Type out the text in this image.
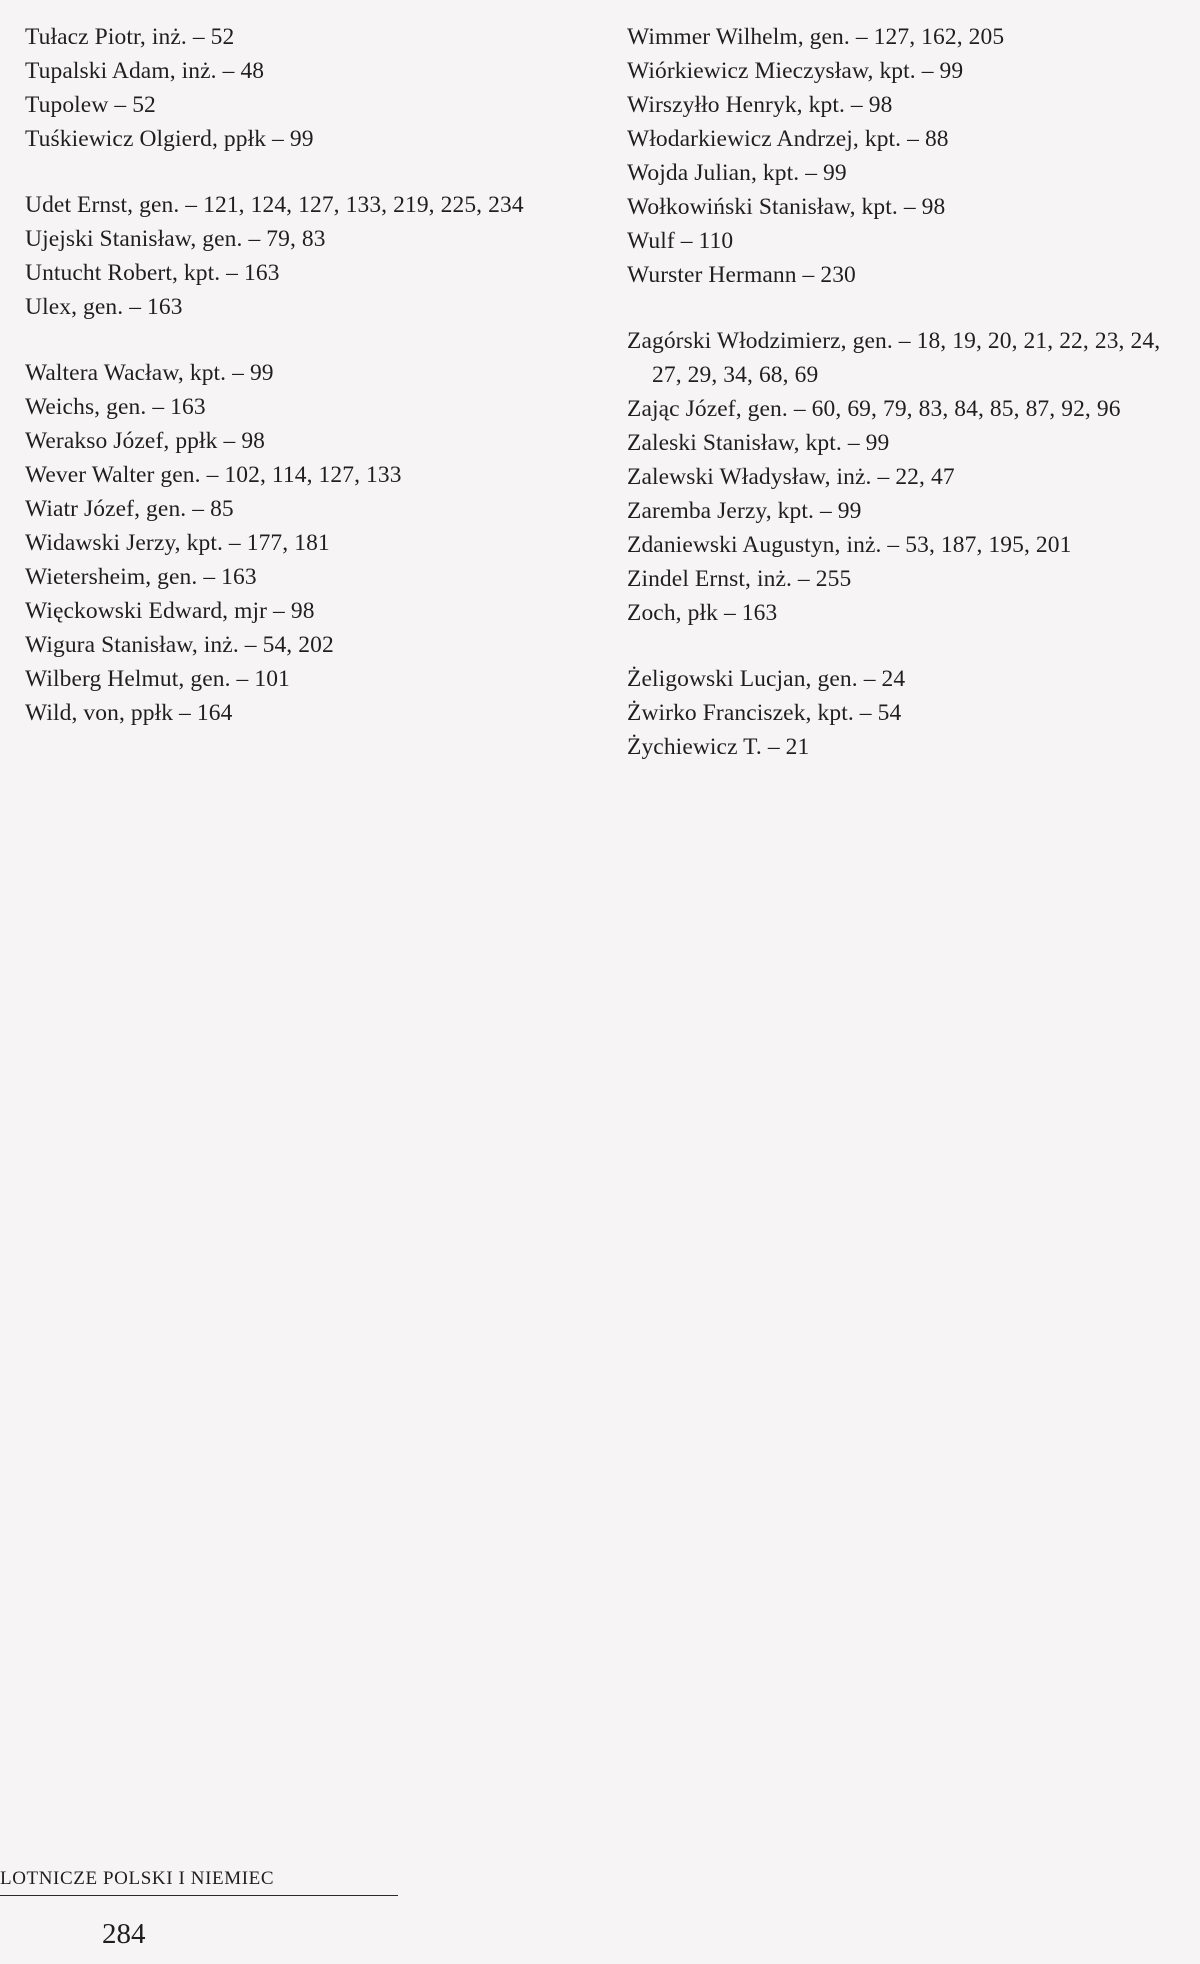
Tułacz Piotr, inż. – 52
Tupalski Adam, inż. – 48
Tupolew – 52
Tuśkiewicz Olgierd, ppłk – 99
Udet Ernst, gen. – 121, 124, 127, 133, 219, 225, 234
Ujejski Stanisław, gen. – 79, 83
Untucht Robert, kpt. – 163
Ulex, gen. – 163
Waltera Wacław, kpt. – 99
Weichs, gen. – 163
Werakso Józef, ppłk – 98
Wever Walter gen. – 102, 114, 127, 133
Wiatr Józef, gen. – 85
Widawski Jerzy, kpt. – 177, 181
Wietersheim, gen. – 163
Więckowski Edward, mjr – 98
Wigura Stanisław, inż. – 54, 202
Wilberg Helmut, gen. – 101
Wild, von, ppłk – 164
Wimmer Wilhelm, gen. – 127, 162, 205
Wiórkiewicz Mieczysław, kpt. – 99
Wirszyłło Henryk, kpt. – 98
Włodarkiewicz Andrzej, kpt. – 88
Wojda Julian, kpt. – 99
Wołkowiński Stanisław, kpt. – 98
Wulf – 110
Wurster Hermann – 230
Zagórski Włodzimierz, gen. – 18, 19, 20, 21, 22, 23, 24, 27, 29, 34, 68, 69
Zając Józef, gen. – 60, 69, 79, 83, 84, 85, 87, 92, 96
Zaleski Stanisław, kpt. – 99
Zalewski Władysław, inż. – 22, 47
Zaremba Jerzy, kpt. – 99
Zdaniewski Augustyn, inż. – 53, 187, 195, 201
Zindel Ernst, inż. – 255
Zoch, płk – 163
Żeligowski Lucjan, gen. – 24
Żwirko Franciszek, kpt. – 54
Żychiewicz T. – 21
LOTNICZE POLSKI I NIEMIEC
284
